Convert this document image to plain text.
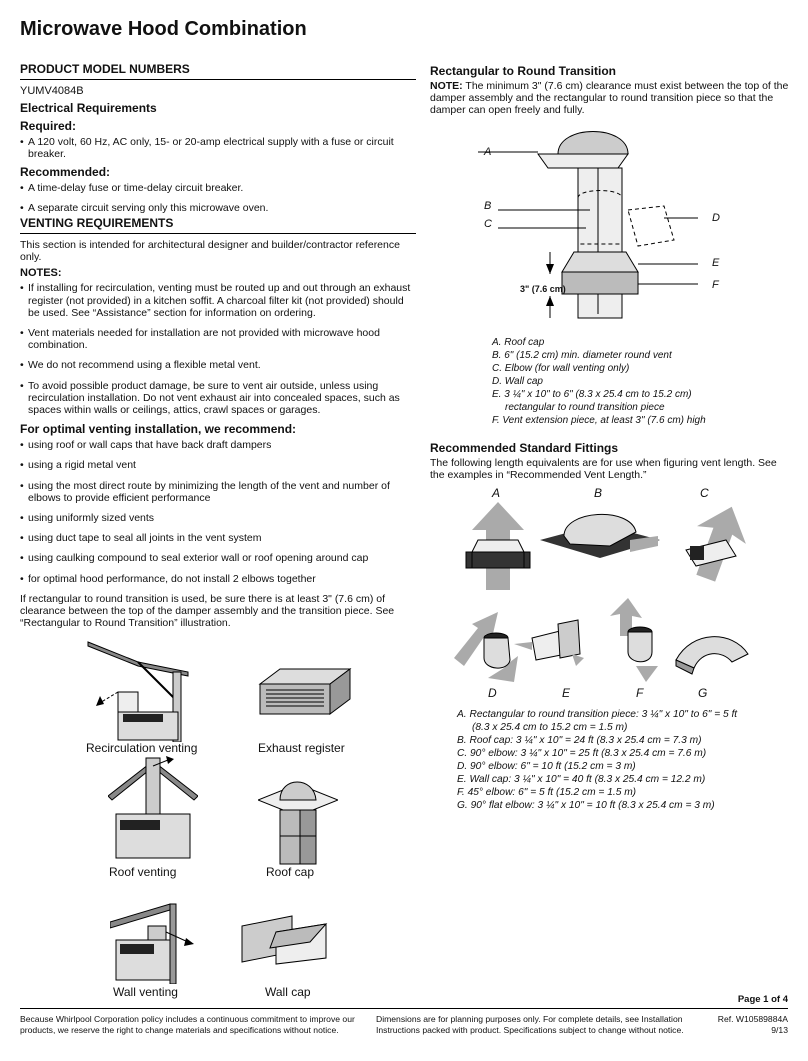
Microwave Hood Combination
PRODUCT MODEL NUMBERS

YUMV4084B

Electrical Requirements
Required:
• A 120 volt, 60 Hz, AC only, 15- or 20-amp electrical supply with a fuse or circuit breaker.
Recommended:
• A time-delay fuse or time-delay circuit breaker.
• A separate circuit serving only this microwave oven.
VENTING REQUIREMENTS

This section is intended for architectural designer and builder/contractor reference only.

NOTES:
• If installing for recirculation, venting must be routed up and out through an exhaust register (not provided) in a kitchen soffit. A charcoal filter kit (not provided) should be used. See “Assistance” section for information on ordering.
• Vent materials needed for installation are not provided with microwave hood combination.
• We do not recommend using a flexible metal vent.
• To avoid possible product damage, be sure to vent air outside, unless using recirculation installation. Do not vent exhaust air into concealed spaces, such as spaces within walls or ceilings, attics, crawl spaces or garages.
For optimal venting installation, we recommend:
• using roof or wall caps that have back draft dampers
• using a rigid metal vent
• using the most direct route by minimizing the length of the vent and number of elbows to provide efficient performance
• using uniformly sized vents
• using duct tape to seal all joints in the vent system
• using caulking compound to seal exterior wall or roof opening around cap
• for optimal hood performance, do not install 2 elbows together

If rectangular to round transition is used, be sure there is at least 3" (7.6 cm) of clearance between the top of the damper assembly and the transition piece. See “Rectangular to Round Transition” illustration.

Recirculation venting	Exhaust register
Roof venting	Roof cap
Wall venting	Wall cap
Rectangular to Round Transition

NOTE: The minimum 3" (7.6 cm) clearance must exist between the top of the damper assembly and the rectangular to round transition piece so that the damper can open freely and fully.

A
B
C	D
E
F
3" (7.6 cm)
A. Roof cap
B. 6" (15.2 cm) min. diameter round vent
C. Elbow (for wall venting only)
D. Wall cap
E. 3 ¼" x 10" to 6" (8.3 x 25.4 cm to 15.2 cm)
rectangular to round transition piece
F. Vent extension piece, at least 3" (7.6 cm) high
Recommended Standard Fittings

The following length equivalents are for use when figuring vent length. See the examples in “Recommended Vent Length.”

A	B	C
D	E	F	G
A. Rectangular to round transition piece: 3 ¼" x 10" to 6" = 5 ft
(8.3 x 25.4 cm to 15.2 cm = 1.5 m)
B. Roof cap: 3 ¼" x 10" = 24 ft (8.3 x 25.4 cm = 7.3 m)
C. 90° elbow: 3 ¼" x 10" = 25 ft (8.3 x 25.4 cm = 7.6 m)
D. 90° elbow: 6" = 10 ft (15.2 cm = 3 m)
E. Wall cap: 3 ¼" x 10" = 40 ft (8.3 x 25.4 cm = 12.2 m)
F. 45° elbow: 6" = 5 ft (15.2 cm = 1.5 m)
G. 90° flat elbow: 3 ¼" x 10" = 10 ft (8.3 x 25.4 cm = 3 m)
Page 1 of 4
Because Whirlpool Corporation policy includes a continuous commitment to improve our products, we reserve the right to change materials and specifications without notice.
Dimensions are for planning purposes only. For complete details, see Installation Instructions packed with product. Specifications subject to change without notice.
Ref. W10589884A
9/13
